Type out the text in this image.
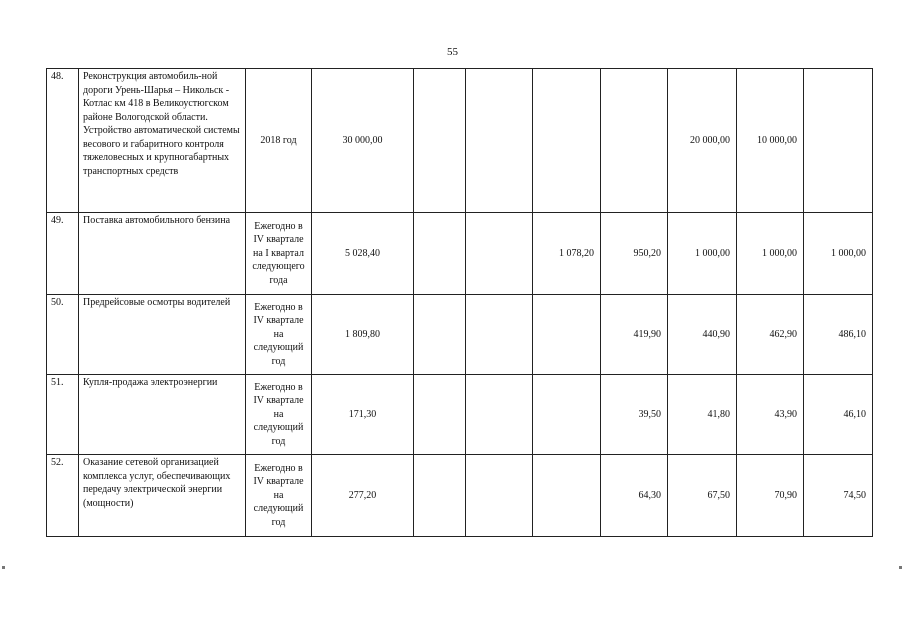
55
48.	Реконструкция автомобиль-ной дороги Урень-Шарья – Никольск - Котлас км 418 в Великоустюгском районе Вологодской области. Устройство автоматической системы весового и габаритного контроля тяжеловесных и крупногабартных транспортных средств	2018 год	30 000,00					20 000,00	10 000,00	
49.	Поставка автомобильного бензина	Ежегодно в IV квартале на I квартал следующего года	5 028,40			1 078,20	950,20	1 000,00	1 000,00	1 000,00
50.	Предрейсовые осмотры водителей	Ежегодно в IV квартале на следующий год	1 809,80				419,90	440,90	462,90	486,10
51.	Купля-продажа электроэнергии	Ежегодно в IV квартале на следующий год	171,30				39,50	41,80	43,90	46,10
52.	Оказание сетевой организацией комплекса услуг, обеспечивающих передачу электрической энергии (мощности)	Ежегодно в IV квартале на следующий год	277,20				64,30	67,50	70,90	74,50
